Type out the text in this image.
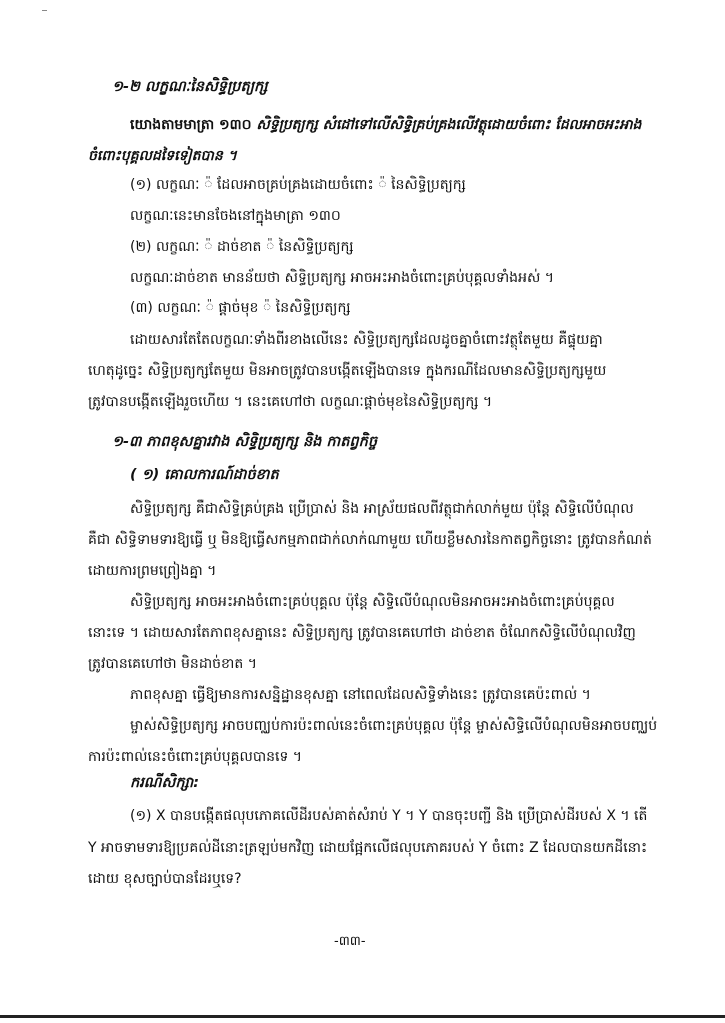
១-២ លក្ខណៈនៃសិទ្ធិប្រត្យក្ស
យោងតាមមាត្រា ១៣០ សិទ្ធិប្រត្យក្ស សំដៅទៅលើសិទ្ធិគ្រប់គ្រងលើវត្ថុដោយចំពោះ ដែលអាចអះអាង
ចំពោះបុគ្គលដទៃទៀតបាន ។
(១) លក្ខណៈ ៉ ដែលអាចគ្រប់គ្រងដោយចំពោះ ៉ នៃសិទ្ធិប្រត្យក្ស
លក្ខណៈនេះមានចែងនៅក្នុងមាត្រា ១៣០
(២) លក្ខណៈ ៉ ដាច់ខាត ៉ នៃសិទ្ធិប្រត្យក្ស
លក្ខណៈដាច់ខាត មានន័យថា សិទ្ធិប្រត្យក្ស អាចអះអាងចំពោះគ្រប់បុគ្គលទាំងអស់ ។
(៣) លក្ខណៈ ៉ ផ្តាច់មុខ ៉ នៃសិទ្ធិប្រត្យក្ស
ដោយសារតែតែលក្ខណៈទាំងពីរខាងលើនេះ សិទ្ធិប្រត្យក្សដែលដូចគ្នាចំពោះវត្ថុតែមួយ គឺផ្ទុយគ្នា
ហេតុដូច្នេះ សិទ្ធិប្រត្យក្សតែមួយ មិនអាចត្រូវបានបង្កើតឡើងបានទេ ក្នុងករណីដែលមានសិទ្ធិប្រត្យក្សមួយ
ត្រូវបានបង្កើតឡើងរួចហើយ ។ នេះគេហៅថា លក្ខណៈផ្តាច់មុខនៃសិទ្ធិប្រត្យក្ស ។
១-៣ ភាពខុសគ្នារវាង សិទ្ធិប្រត្យក្ស និង កាតព្វកិច្ច
( ១) គោលការណ៍ដាច់ខាត
សិទ្ធិប្រត្យក្ស គឺជាសិទ្ធិគ្រប់គ្រង ប្រើប្រាស់ និង អាស្រ័យផលពីវត្ថុជាក់លាក់មួយ ប៉ុន្តែ សិទ្ធិលើបំណុល
គឺជា សិទ្ធិទាមទារឱ្យធ្វើ ឬ មិនឱ្យធ្វើសកម្មភាពជាក់លាក់ណាមួយ ហើយខ្លឹមសារនៃកាតព្វកិច្ចនោះ ត្រូវបានកំណត់
ដោយការព្រមព្រៀងគ្នា ។
សិទ្ធិប្រត្យក្ស អាចអះអាងចំពោះគ្រប់បុគ្គល ប៉ុន្តែ សិទ្ធិលើបំណុលមិនអាចអះអាងចំពោះគ្រប់បុគ្គល
នោះទេ ។ ដោយសារតែភាពខុសគ្នានេះ សិទ្ធិប្រត្យក្ស ត្រូវបានគេហៅថា ដាច់ខាត ចំណែកសិទ្ធិលើបំណុលវិញ
ត្រូវបានគេហៅថា មិនដាច់ខាត ។
ភាពខុសគ្នា ធ្វើឱ្យមានការសន្និដ្ឋានខុសគ្នា នៅពេលដែលសិទ្ធិទាំងនេះ ត្រូវបានគេប៉ះពាល់ ។
ម្ចាស់សិទ្ធិប្រត្យក្ស អាចបញ្ឈប់ការប៉ះពាល់នេះចំពោះគ្រប់បុគ្គល ប៉ុន្តែ ម្ចាស់សិទ្ធិលើបំណុលមិនអាចបញ្ឈប់
ការប៉ះពាល់នេះចំពោះគ្រប់បុគ្គលបានទេ ។
ករណីសិក្សា:
(១) X បានបង្កើតផលុបភោគលើដីរបស់គាត់សំរាប់ Y ។ Y បានចុះបញ្ជី និង ប្រើប្រាស់ដីរបស់ X ។ តើ
Y អាចទាមទារឱ្យប្រគល់ដីនោះត្រឡប់មកវិញ ដោយផ្អែកលើផលុបភោគរបស់ Y ចំពោះ Z ដែលបានយកដីនោះ
ដោយ ខុសច្បាប់បានដែរឬទេ?
-៣៣-
